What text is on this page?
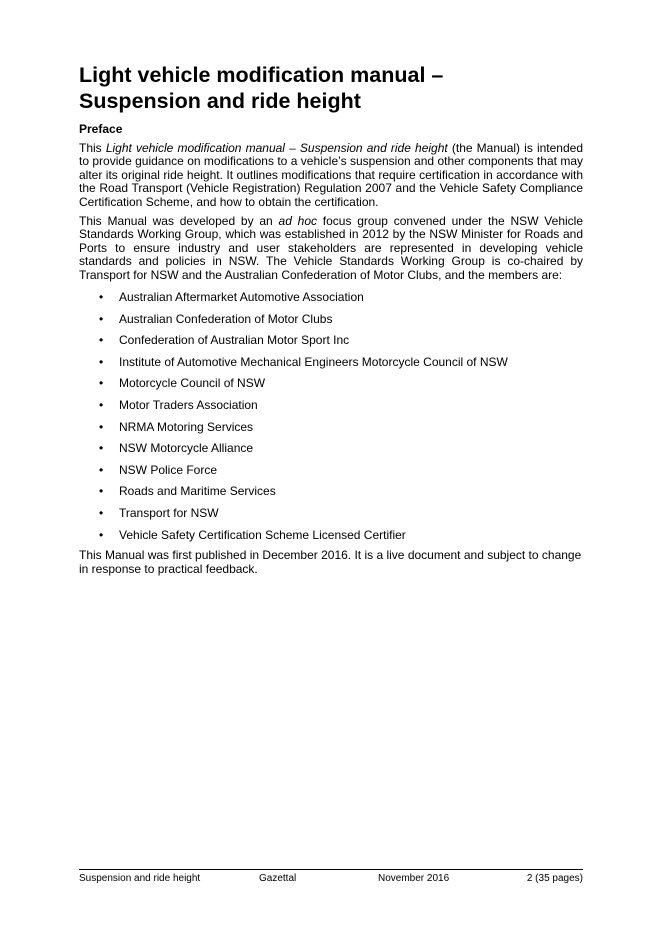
Light vehicle modification manual –
Suspension and ride height
Preface

This Light vehicle modification manual – Suspension and ride height (the Manual) is intended to provide guidance on modifications to a vehicle’s suspension and other components that may alter its original ride height. It outlines modifications that require certification in accordance with the Road Transport (Vehicle Registration) Regulation 2007 and the Vehicle Safety Compliance Certification Scheme, and how to obtain the certification.

This Manual was developed by an ad hoc focus group convened under the NSW Vehicle Standards Working Group, which was established in 2012 by the NSW Minister for Roads and Ports to ensure industry and user stakeholders are represented in developing vehicle standards and policies in NSW. The Vehicle Standards Working Group is co-chaired by Transport for NSW and the Australian Confederation of Motor Clubs, and the members are:

• Australian Aftermarket Automotive Association
• Australian Confederation of Motor Clubs
• Confederation of Australian Motor Sport Inc
• Institute of Automotive Mechanical Engineers Motorcycle Council of NSW
• Motorcycle Council of NSW
• Motor Traders Association
• NRMA Motoring Services
• NSW Motorcycle Alliance
• NSW Police Force
• Roads and Maritime Services
• Transport for NSW
• Vehicle Safety Certification Scheme Licensed Certifier

This Manual was first published in December 2016. It is a live document and subject to change in response to practical feedback.

Suspension and ride height	Gazettal	November 2016	2 (35 pages)
